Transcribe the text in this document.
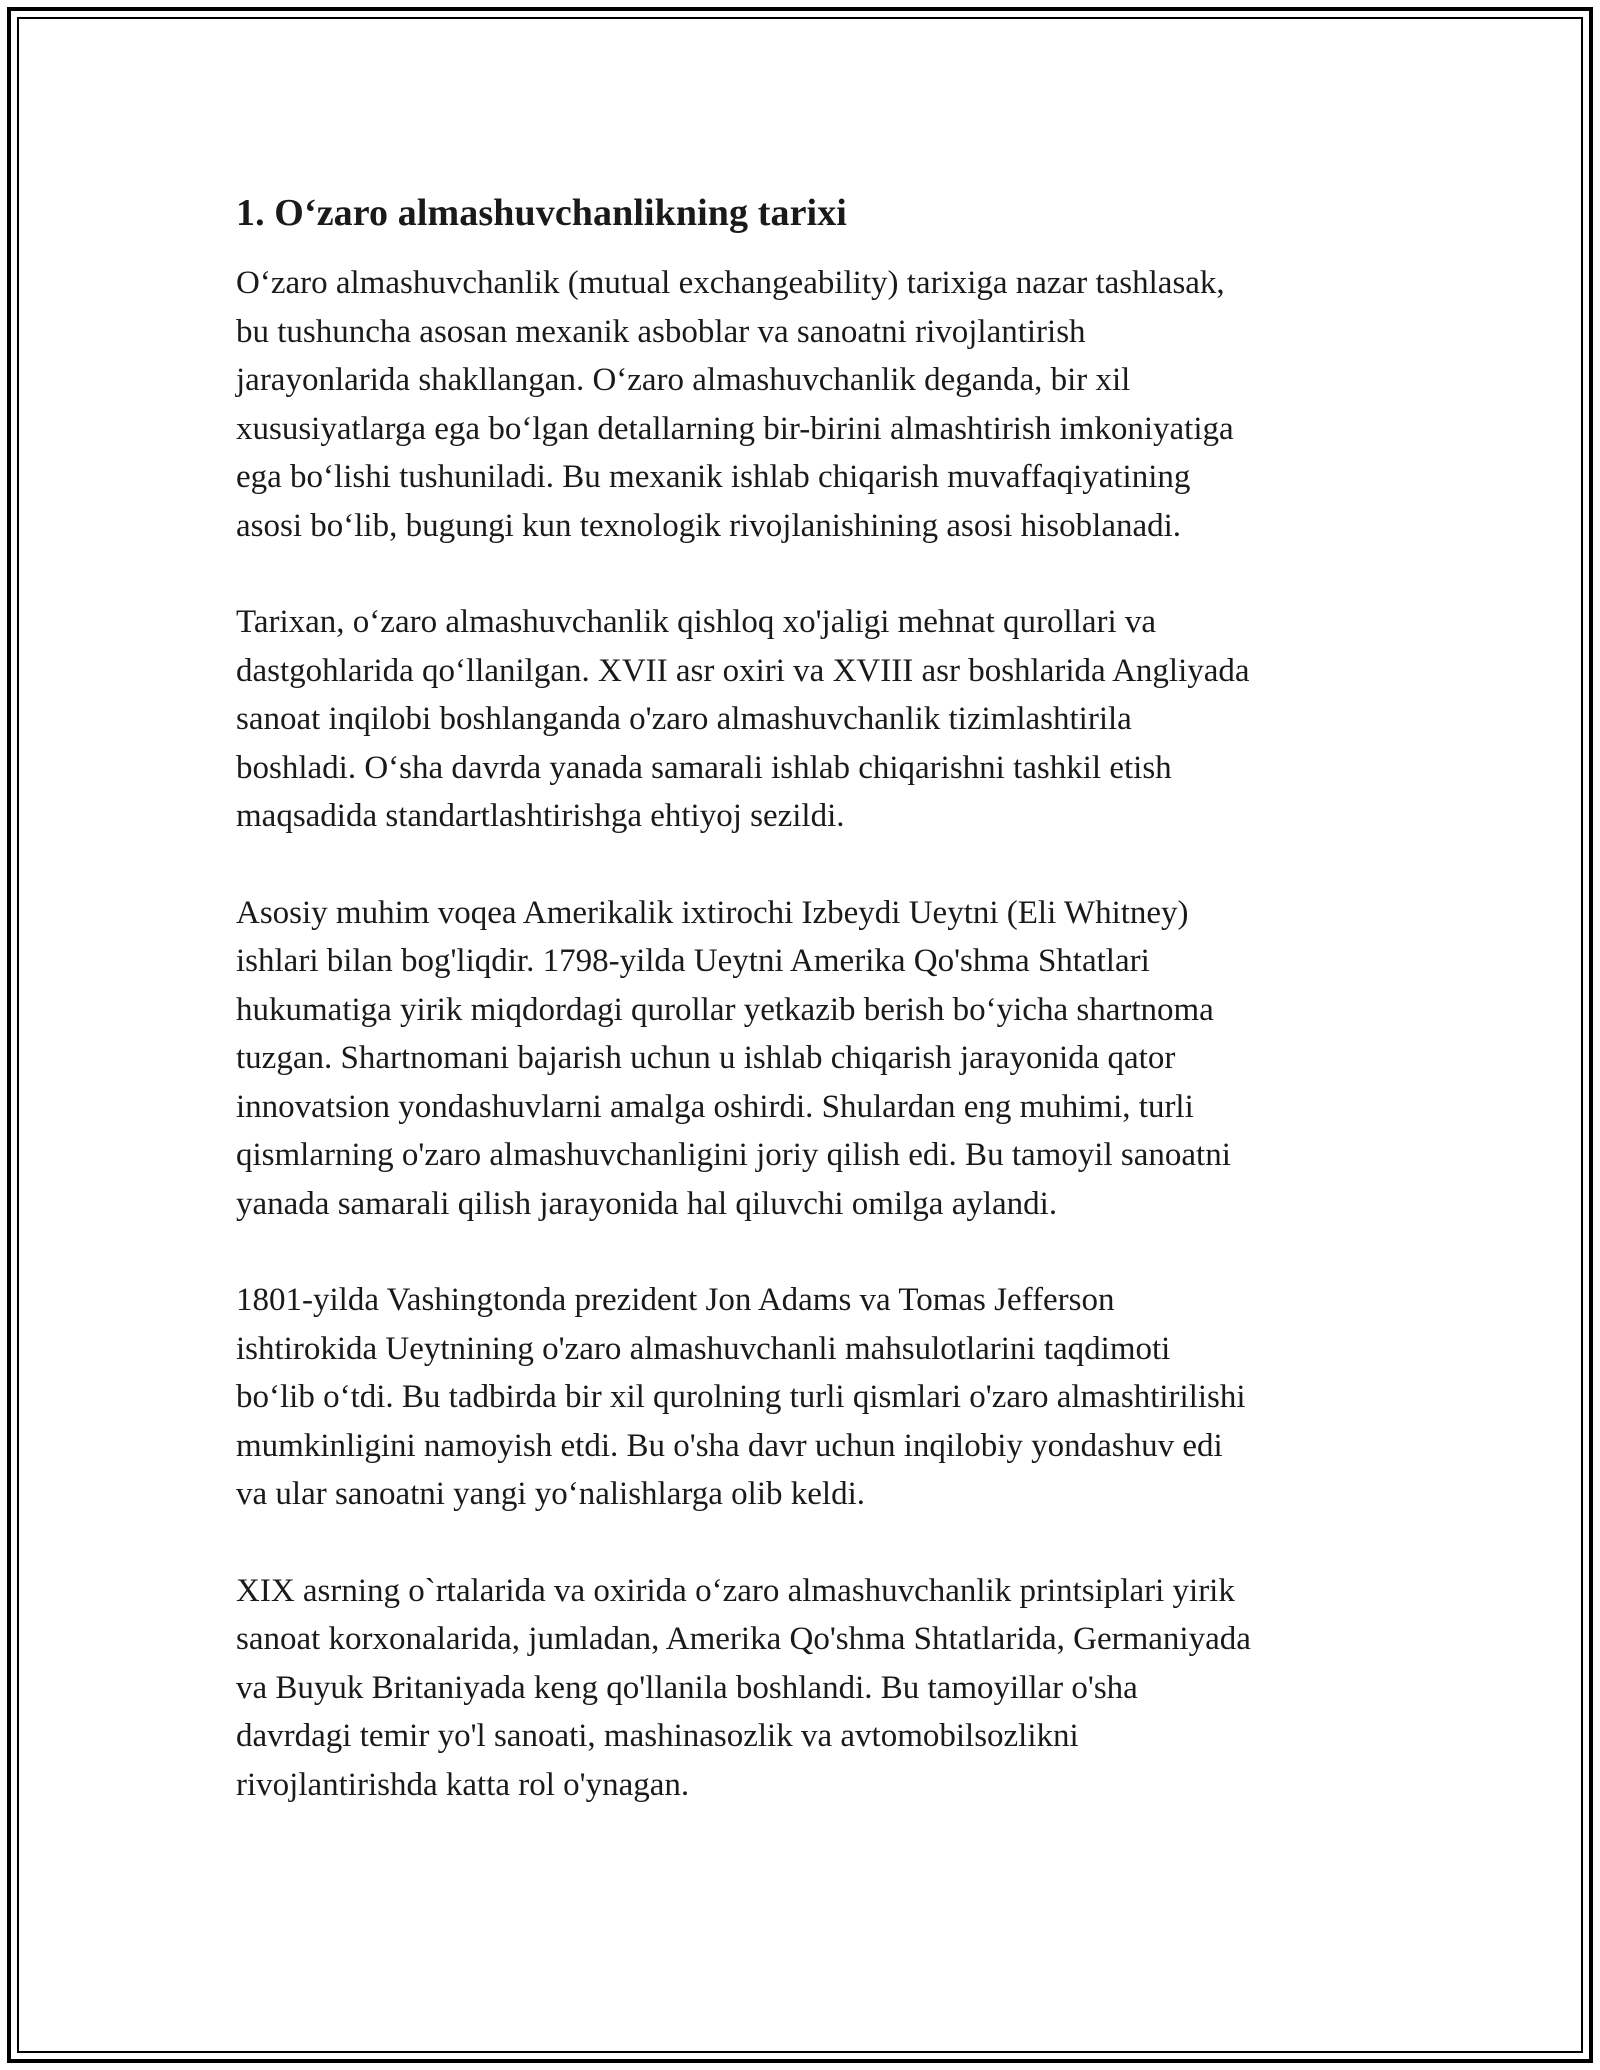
1. O‘zaro almashuvchanlikning tarixi

O‘zaro almashuvchanlik (mutual exchangeability) tarixiga nazar tashlasak,
bu tushuncha asosan mexanik asboblar va sanoatni rivojlantirish
jarayonlarida shakllangan. O‘zaro almashuvchanlik deganda, bir xil
xususiyatlarga ega bo‘lgan detallarning bir-birini almashtirish imkoniyatiga
ega bo‘lishi tushuniladi. Bu mexanik ishlab chiqarish muvaffaqiyatining
asosi bo‘lib, bugungi kun texnologik rivojlanishining asosi hisoblanadi.

Tarixan, o‘zaro almashuvchanlik qishloq xo'jaligi mehnat qurollari va
dastgohlarida qo‘llanilgan. XVII asr oxiri va XVIII asr boshlarida Angliyada
sanoat inqilobi boshlanganda o'zaro almashuvchanlik tizimlashtirila
boshladi. O‘sha davrda yanada samarali ishlab chiqarishni tashkil etish
maqsadida standartlashtirishga ehtiyoj sezildi.

Asosiy muhim voqea Amerikalik ixtirochi Izbeydi Ueytni (Eli Whitney)
ishlari bilan bog'liqdir. 1798-yilda Ueytni Amerika Qo'shma Shtatlari
hukumatiga yirik miqdordagi qurollar yetkazib berish bo‘yicha shartnoma
tuzgan. Shartnomani bajarish uchun u ishlab chiqarish jarayonida qator
innovatsion yondashuvlarni amalga oshirdi. Shulardan eng muhimi, turli
qismlarning o'zaro almashuvchanligini joriy qilish edi. Bu tamoyil sanoatni
yanada samarali qilish jarayonida hal qiluvchi omilga aylandi.

1801-yilda Vashingtonda prezident Jon Adams va Tomas Jefferson
ishtirokida Ueytnining o'zaro almashuvchanli mahsulotlarini taqdimoti
bo‘lib o‘tdi. Bu tadbirda bir xil qurolning turli qismlari o'zaro almashtirilishi
mumkinligini namoyish etdi. Bu o'sha davr uchun inqilobiy yondashuv edi
va ular sanoatni yangi yo‘nalishlarga olib keldi.

XIX asrning o`rtalarida va oxirida o‘zaro almashuvchanlik printsiplari yirik
sanoat korxonalarida, jumladan, Amerika Qo'shma Shtatlarida, Germaniyada
va Buyuk Britaniyada keng qo'llanila boshlandi. Bu tamoyillar o'sha
davrdagi temir yo'l sanoati, mashinasozlik va avtomobilsozlikni
rivojlantirishda katta rol o'ynagan.
